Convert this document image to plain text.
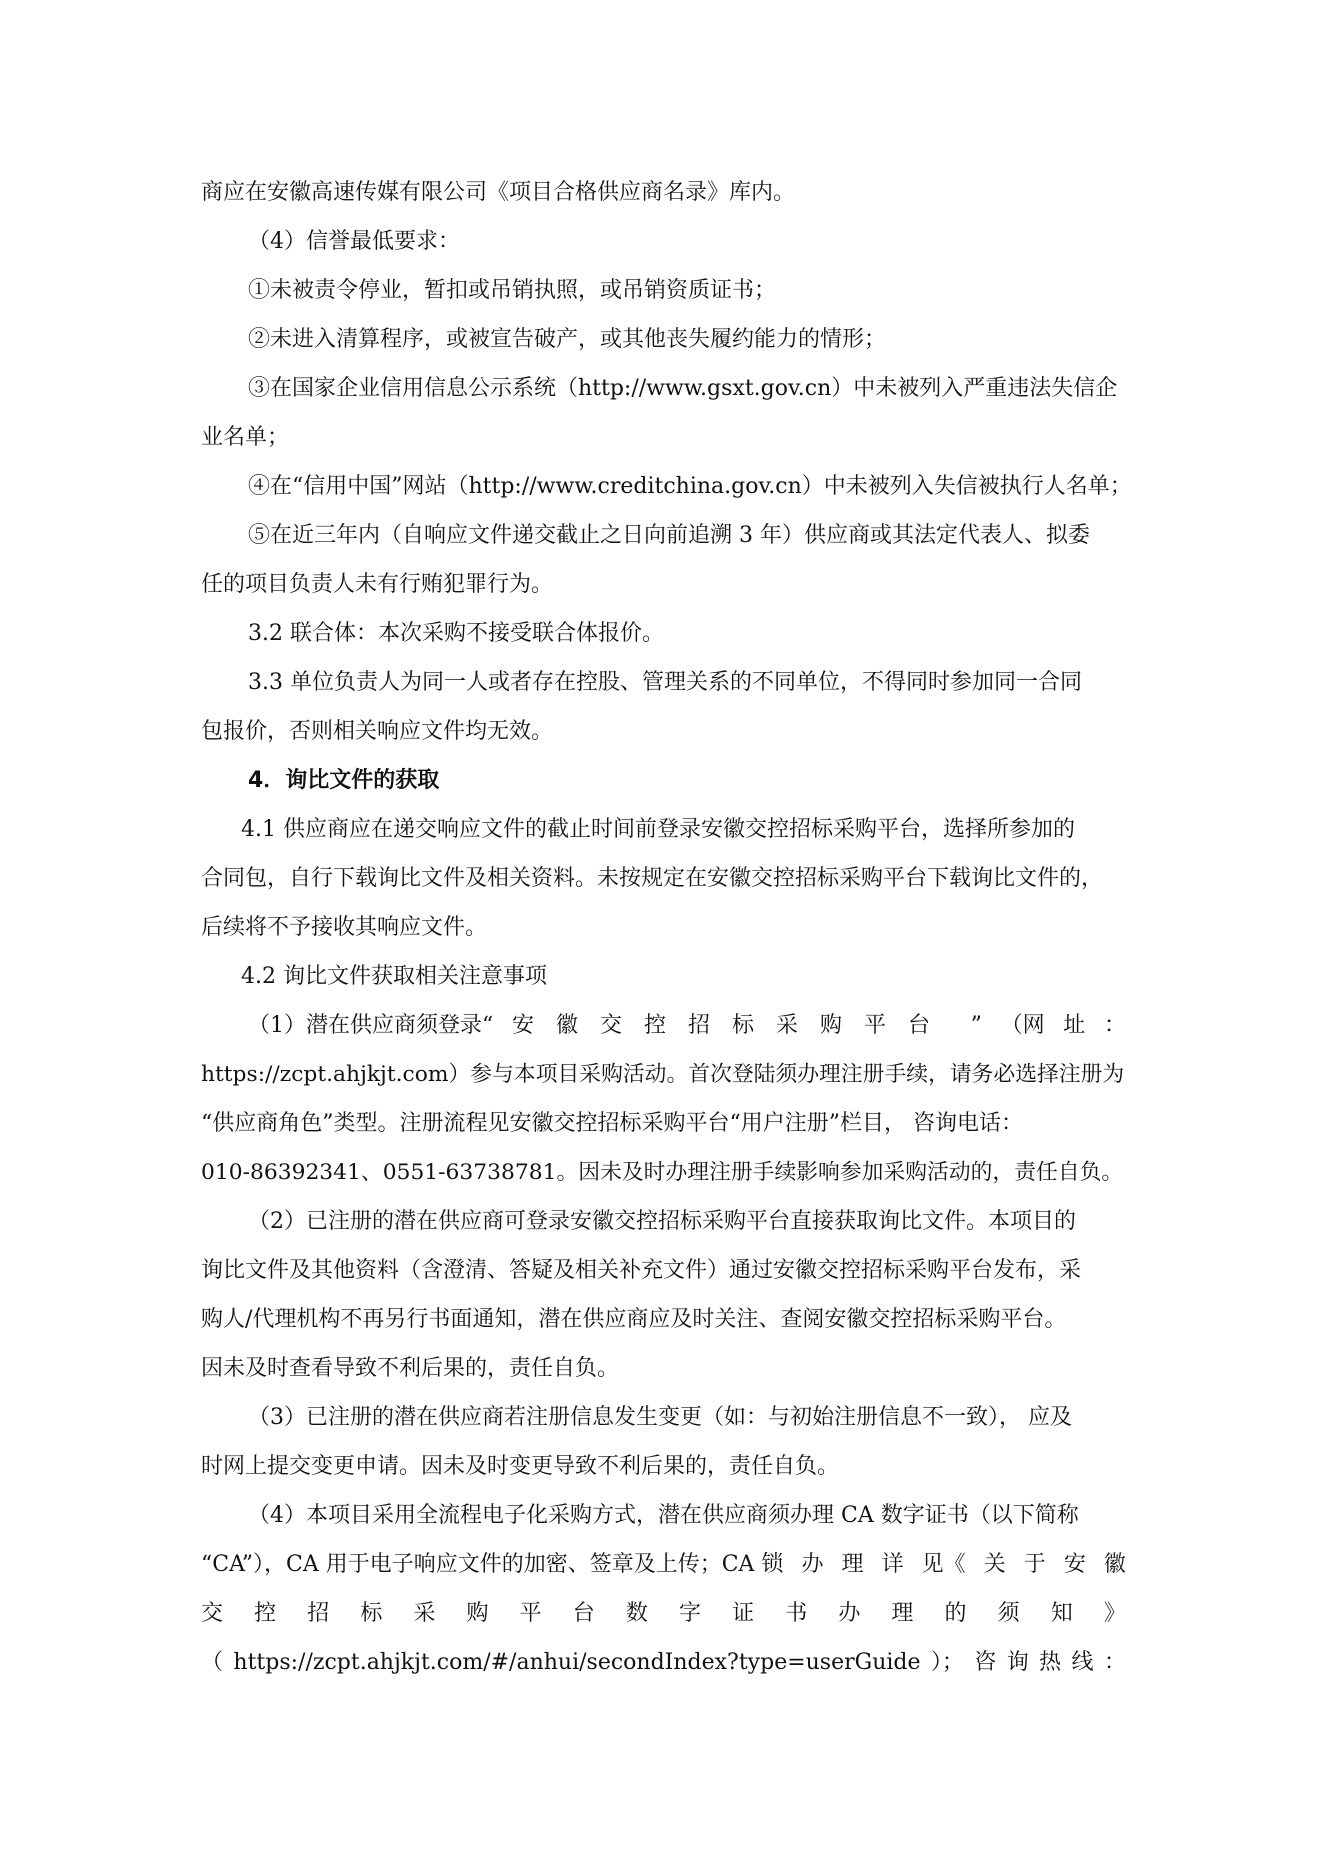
商应在安徽高速传媒有限公司《项目合格供应商名录》库内。
（4）信誉最低要求：
①未被责令停业，暂扣或吊销执照，或吊销资质证书；
②未进入清算程序，或被宣告破产，或其他丧失履约能力的情形；
③在国家企业信用信息公示系统（http://www.gsxt.gov.cn）中未被列入严重违法失信企
业名单；
④在“信用中国”网站（http://www.creditchina.gov.cn）中未被列入失信被执行人名单；
⑤在近三年内（自响应文件递交截止之日向前追溯 3 年）供应商或其法定代表人、拟委
任的项目负责人未有行贿犯罪行为。
3.2 联合体：本次采购不接受联合体报价。
3.3 单位负责人为同一人或者存在控股、管理关系的不同单位，不得同时参加同一合同
包报价，否则相关响应文件均无效。
4．询比文件的获取
4.1 供应商应在递交响应文件的截止时间前登录安徽交控招标采购平台，选择所参加的
合同包，自行下载询比文件及相关资料。未按规定在安徽交控招标采购平台下载询比文件的，
后续将不予接收其响应文件。
4.2 询比文件获取相关注意事项
（1）潜在供应商须登录“ 安徽交控招标采购平台 ” （网 址 ：
https://zcpt.ahjkjt.com）参与本项目采购活动。首次登陆须办理注册手续，请务必选择注册为
“供应商角色”类型。注册流程见安徽交控招标采购平台“用户注册”栏目， 咨询电话：
010-86392341、0551-63738781。因未及时办理注册手续影响参加采购活动的，责任自负。
（2）已注册的潜在供应商可登录安徽交控招标采购平台直接获取询比文件。本项目的
询比文件及其他资料（含澄清、答疑及相关补充文件）通过安徽交控招标采购平台发布，采
购人/代理机构不再另行书面通知，潜在供应商应及时关注、查阅安徽交控招标采购平台。
因未及时查看导致不利后果的，责任自负。
（3）已注册的潜在供应商若注册信息发生变更（如：与初始注册信息不一致）， 应及
时网上提交变更申请。因未及时变更导致不利后果的，责任自负。
（4）本项目采用全流程电子化采购方式，潜在供应商须办理 CA 数字证书（以下简称
“CA”），CA 用于电子响应文件的加密、签章及上传；CA 锁 办 理 详 见《 关 于 安 徽
交 控 招 标 采 购 平 台 数 字 证 书 办 理 的 须 知 》
（ https://zcpt.ahjkjt.com/#/anhui/secondIndex?type=userGuide ）； 咨 询 热 线 ：
